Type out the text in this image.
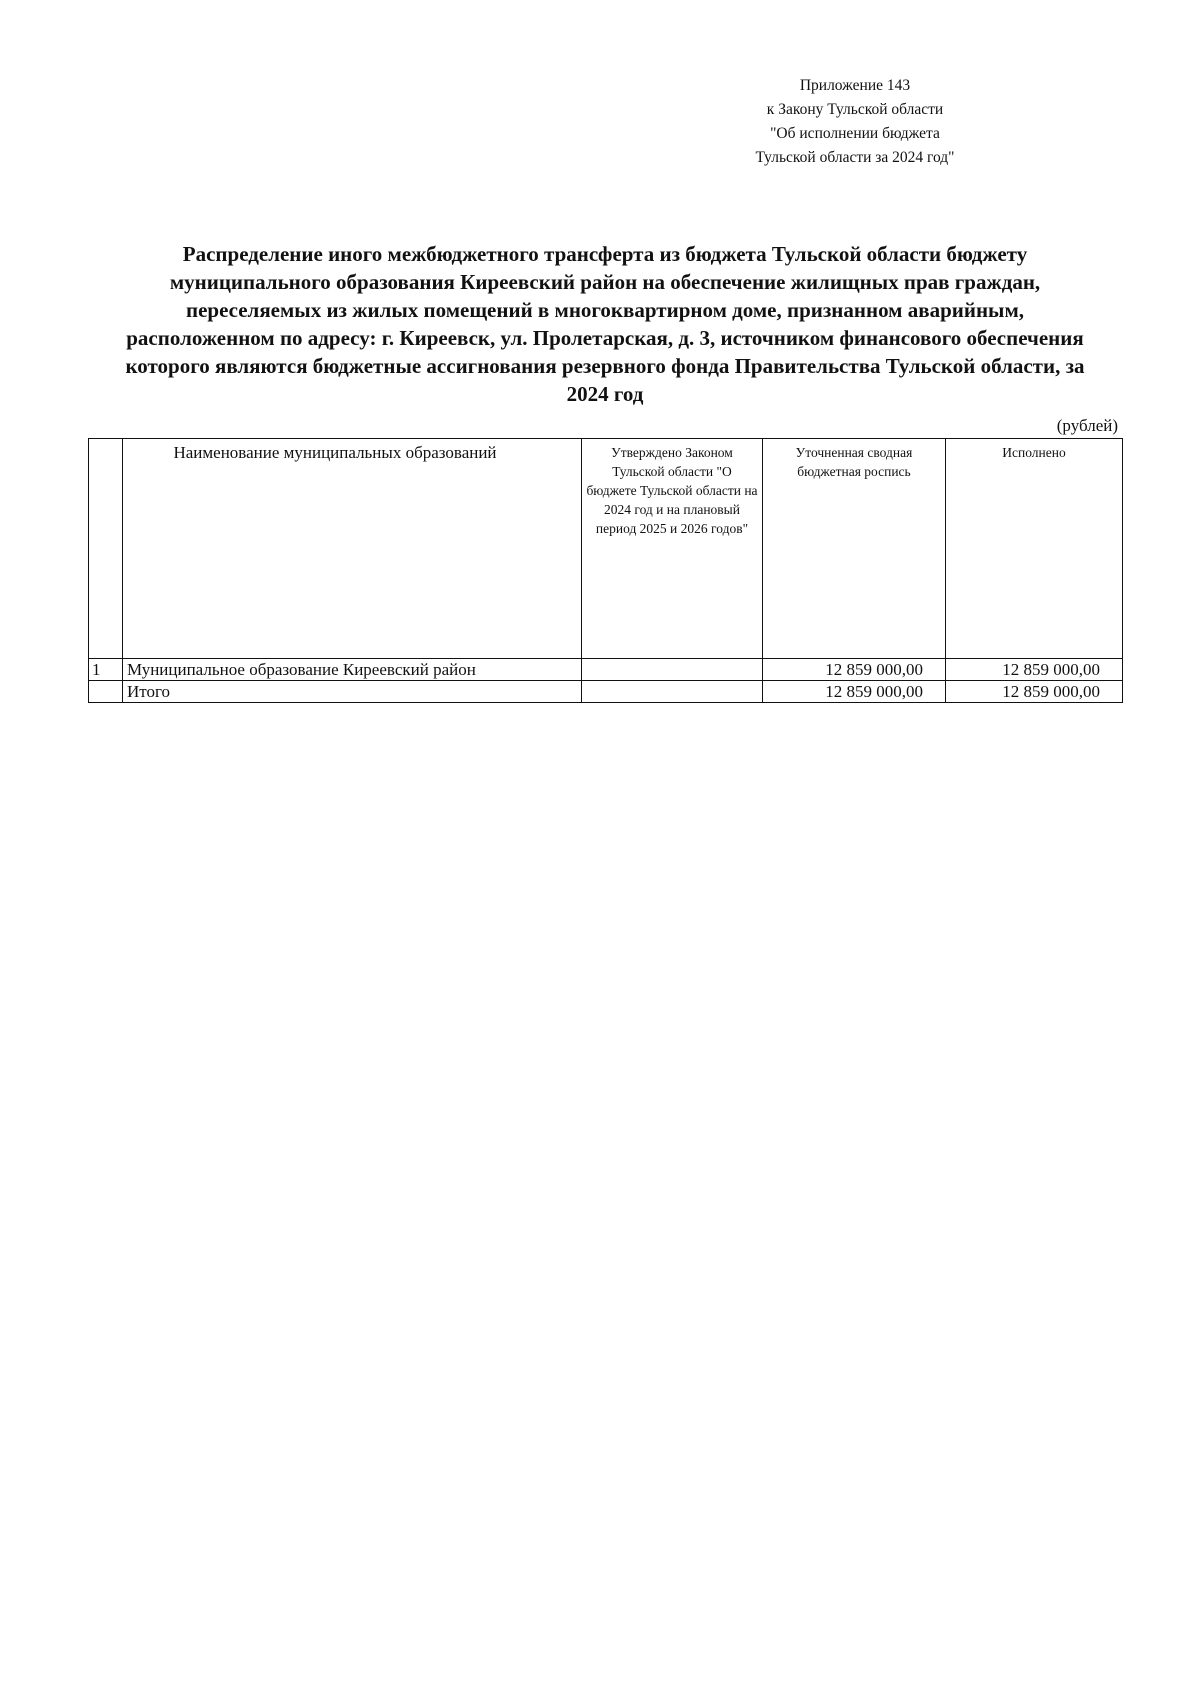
Приложение 143
к Закону Тульской области
"Об исполнении бюджета
Тульской области за 2024 год"
Распределение иного межбюджетного трансферта из бюджета Тульской области бюджету
муниципального образования Киреевский район на обеспечение жилищных прав граждан,
переселяемых из жилых помещений в многоквартирном доме, признанном аварийным,
расположенном по адресу: г. Киреевск, ул. Пролетарская, д. 3, источником финансового обеспечения
которого являются бюджетные ассигнования резервного фонда Правительства Тульской области, за
2024 год
(рублей)
	Наименование муниципальных образований	Утверждено Законом Тульской области "О бюджете Тульской области на 2024 год и на плановый период 2025 и 2026 годов"	Уточненная сводная бюджетная роспись	Исполнено
1	Муниципальное образование Киреевский район		12 859 000,00	12 859 000,00
	Итого		12 859 000,00	12 859 000,00
